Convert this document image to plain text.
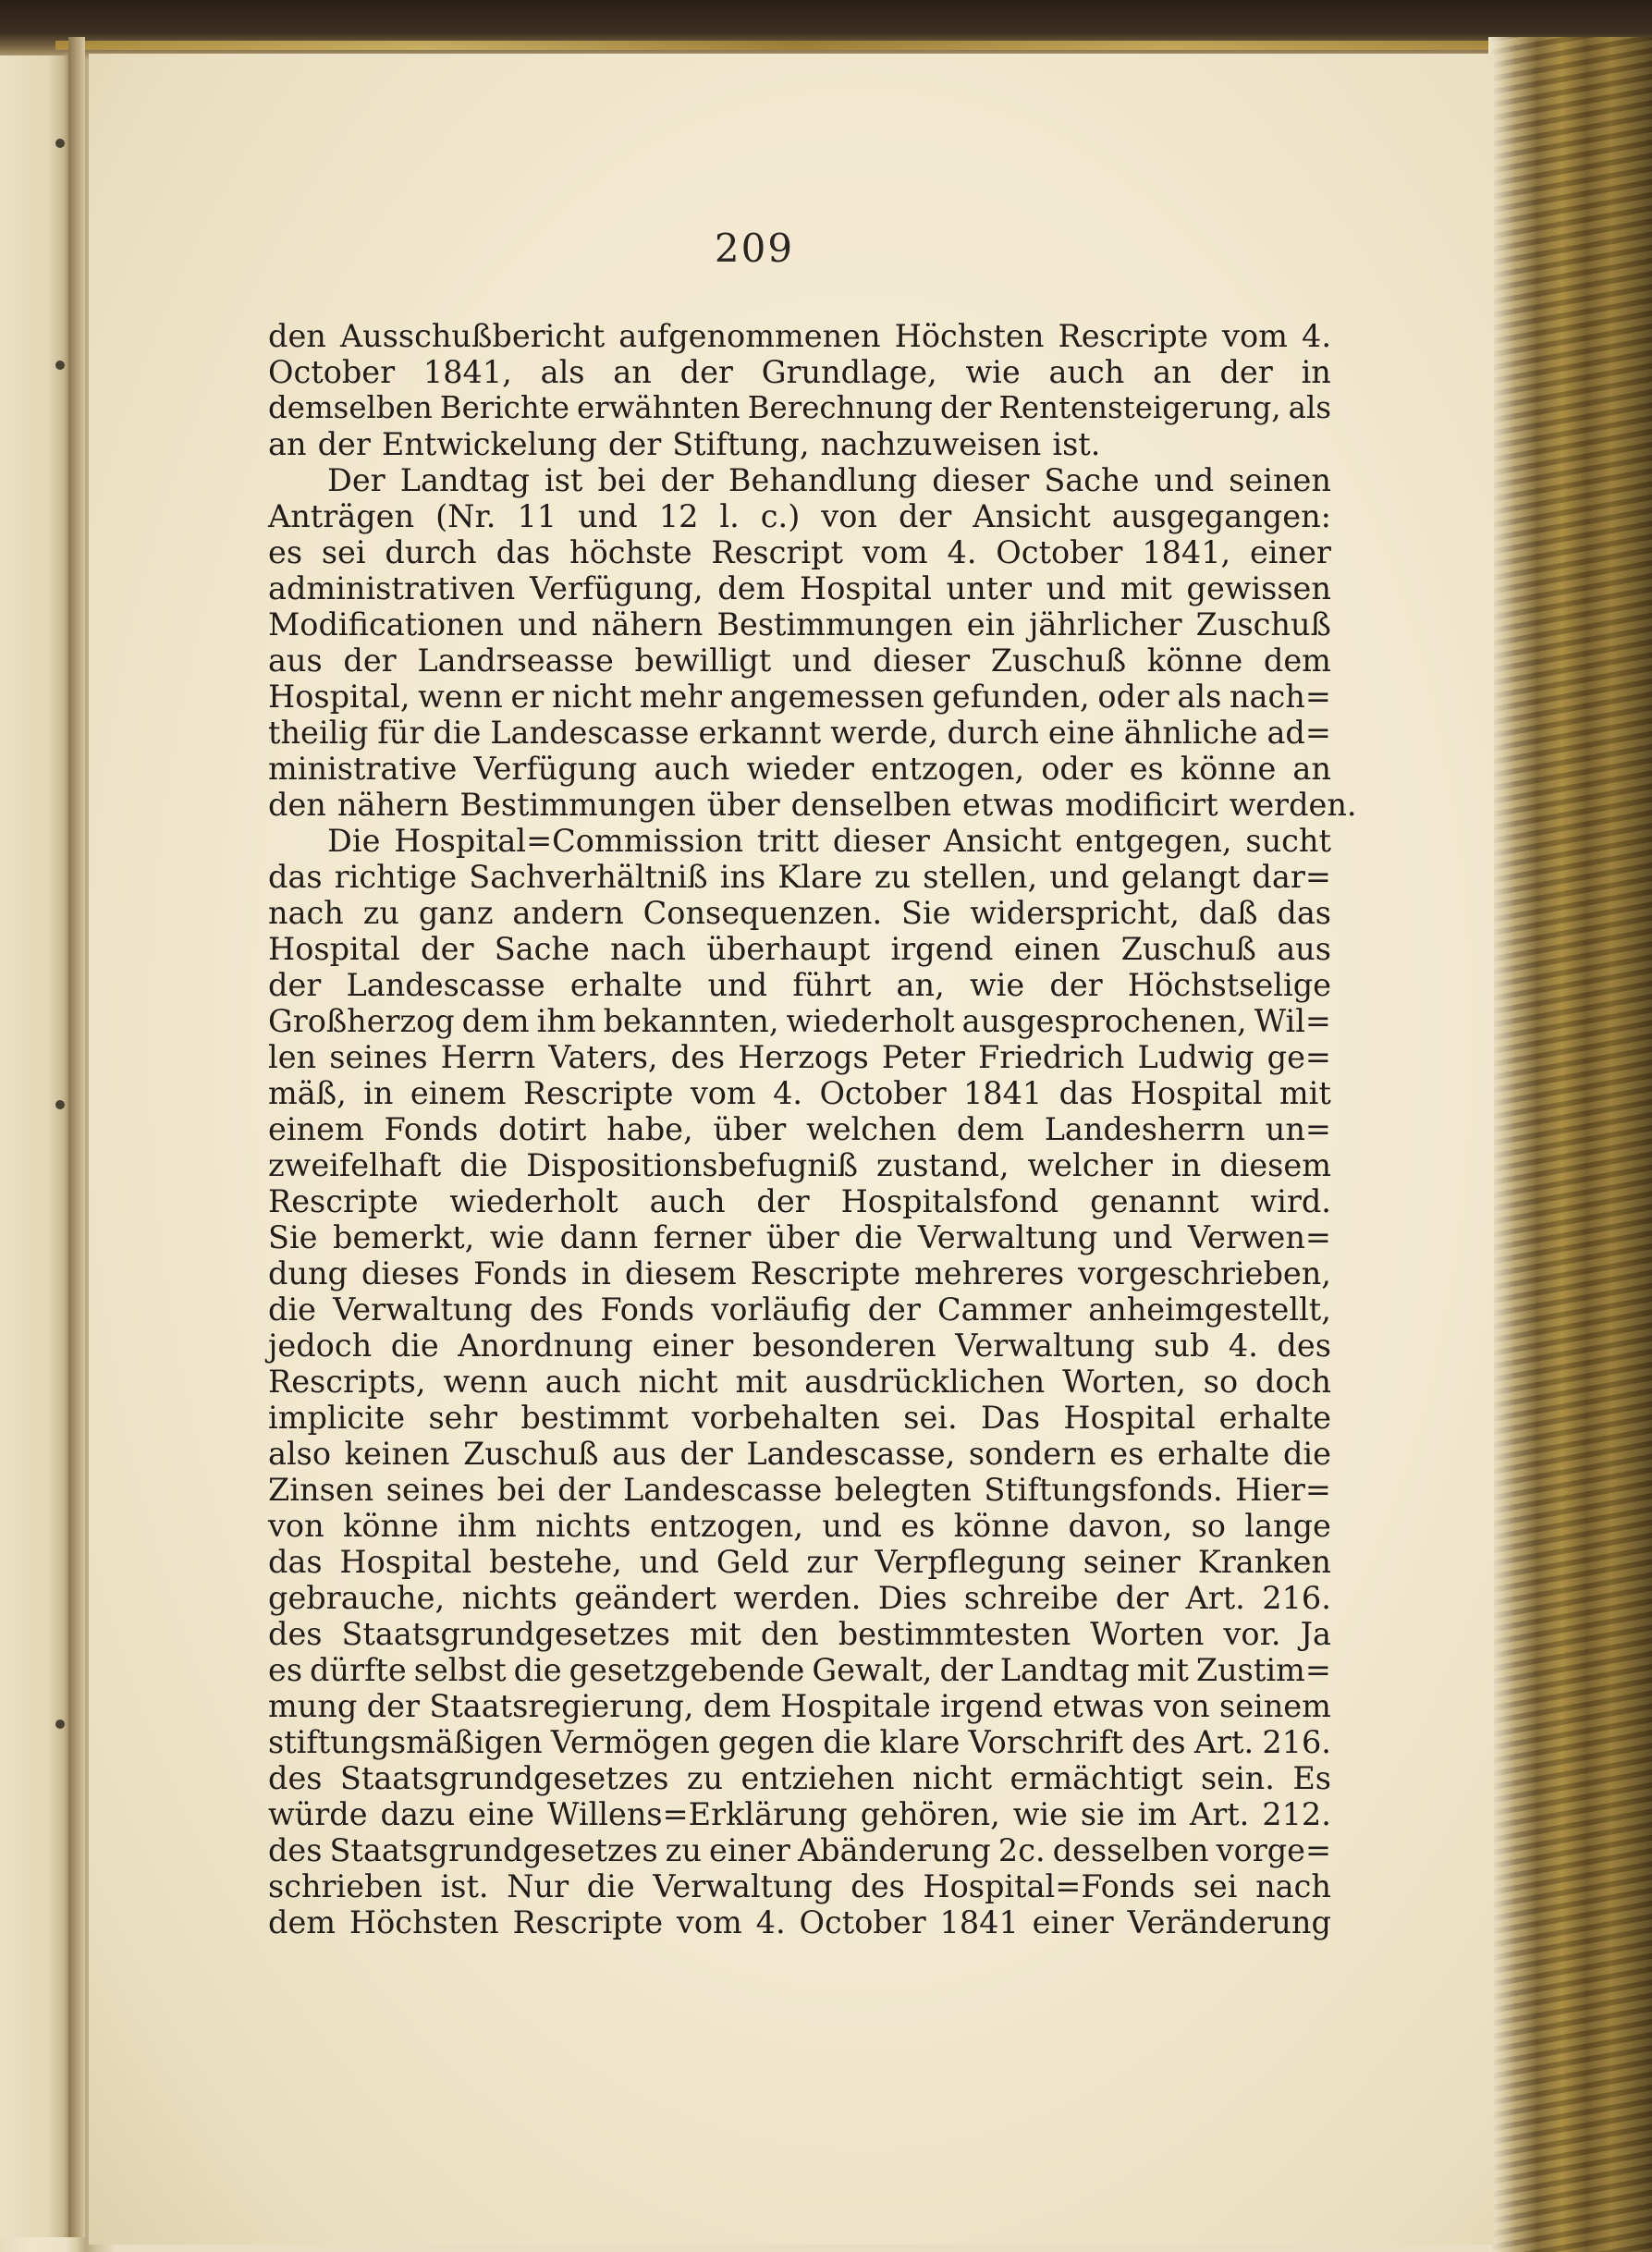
209
den Ausschußbericht aufgenommenen Höchsten Rescripte vom 4.
October 1841, als an der Grundlage, wie auch an der in
demselben Berichte erwähnten Berechnung der Rentensteigerung, als
an der Entwickelung der Stiftung, nachzuweisen ist.
Der Landtag ist bei der Behandlung dieser Sache und seinen
Anträgen (Nr. 11 und 12 l. c.) von der Ansicht ausgegangen:
es sei durch das höchste Rescript vom 4. October 1841, einer
administrativen Verfügung, dem Hospital unter und mit gewissen
Modificationen und nähern Bestimmungen ein jährlicher Zuschuß
aus der Landrseasse bewilligt und dieser Zuschuß könne dem
Hospital, wenn er nicht mehr angemessen gefunden, oder als nach=
theilig für die Landescasse erkannt werde, durch eine ähnliche ad=
ministrative Verfügung auch wieder entzogen, oder es könne an
den nähern Bestimmungen über denselben etwas modificirt werden.
Die Hospital=Commission tritt dieser Ansicht entgegen, sucht
das richtige Sachverhältniß ins Klare zu stellen, und gelangt dar=
nach zu ganz andern Consequenzen. Sie widerspricht, daß das
Hospital der Sache nach überhaupt irgend einen Zuschuß aus
der Landescasse erhalte und führt an, wie der Höchstselige
Großherzog dem ihm bekannten, wiederholt ausgesprochenen, Wil=
len seines Herrn Vaters, des Herzogs Peter Friedrich Ludwig ge=
mäß, in einem Rescripte vom 4. October 1841 das Hospital mit
einem Fonds dotirt habe, über welchen dem Landesherrn un=
zweifelhaft die Dispositionsbefugniß zustand, welcher in diesem
Rescripte wiederholt auch der Hospitalsfond genannt wird.
Sie bemerkt, wie dann ferner über die Verwaltung und Verwen=
dung dieses Fonds in diesem Rescripte mehreres vorgeschrieben,
die Verwaltung des Fonds vorläufig der Cammer anheimgestellt,
jedoch die Anordnung einer besonderen Verwaltung sub 4. des
Rescripts, wenn auch nicht mit ausdrücklichen Worten, so doch
implicite sehr bestimmt vorbehalten sei. Das Hospital erhalte
also keinen Zuschuß aus der Landescasse, sondern es erhalte die
Zinsen seines bei der Landescasse belegten Stiftungsfonds. Hier=
von könne ihm nichts entzogen, und es könne davon, so lange
das Hospital bestehe, und Geld zur Verpflegung seiner Kranken
gebrauche, nichts geändert werden. Dies schreibe der Art. 216.
des Staatsgrundgesetzes mit den bestimmtesten Worten vor. Ja
es dürfte selbst die gesetzgebende Gewalt, der Landtag mit Zustim=
mung der Staatsregierung, dem Hospitale irgend etwas von seinem
stiftungsmäßigen Vermögen gegen die klare Vorschrift des Art. 216.
des Staatsgrundgesetzes zu entziehen nicht ermächtigt sein. Es
würde dazu eine Willens=Erklärung gehören, wie sie im Art. 212.
des Staatsgrundgesetzes zu einer Abänderung 2c. desselben vorge=
schrieben ist. Nur die Verwaltung des Hospital=Fonds sei nach
dem Höchsten Rescripte vom 4. October 1841 einer Veränderung
